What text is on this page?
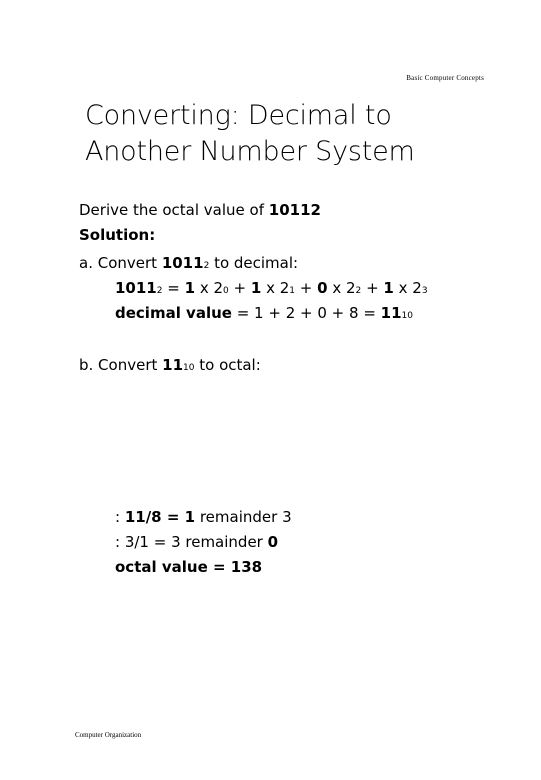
Basic Computer Concepts
Converting: Decimal to
Another Number System
Derive the octal value of 10112
Solution:
a. Convert 10112 to decimal:
10112 = 1 x 20 + 1 x 21 + 0 x 22 + 1 x 23
decimal value = 1 + 2 + 0 + 8 = 1110
b. Convert 1110 to octal:
: 11/8 = 1 remainder 3
: 3/1 = 3 remainder 0
octal value = 138
Computer Organization
